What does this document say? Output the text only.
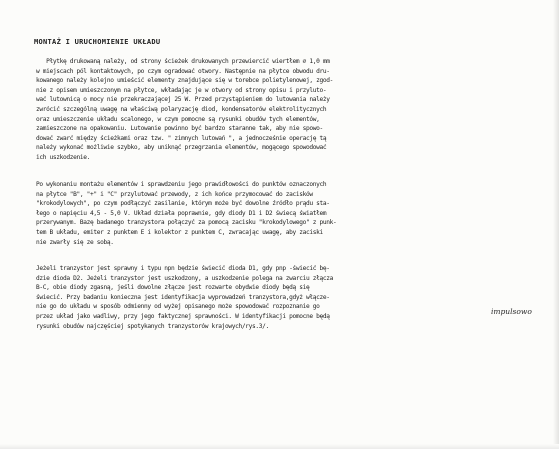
MONTAŻ I URUCHOMIENIE UKŁADU
Płytkę drukowaną należy, od strony ścieżek drukowanych przewiercić wiertłem ∅ 1,0 mm
w miejscach pól kontaktowych, po czym ogradować otwory. Następnie na płytce obwodu dru-
kowanego należy kolejno umieścić elementy znajdujące się w torebce polietylenowej, zgod-
nie z opisem umieszczonym na płytce, wkładając je w otwory od strony opisu i przyluto-
wać lutownicą o mocy nie przekraczającej 25 W. Przed przystąpieniem do lutowania należy
zwrócić szczególną uwagę na właściwą polaryzację diod, kondensatorów elektrolitycznych
oraz umieszczenie układu scalonego, w czym pomocne są rysunki obudów tych elementów,
zamieszczone na opakowaniu. Lutowanie powinno być bardzo staranne tak, aby nie spowo-
dować zwarć między ścieżkami oraz tzw. " zimnych lutowań ", a jednocześnie operację tą
należy wykonać możliwie szybko, aby uniknąć przegrzania elementów, mogącego spowodować
ich uszkodzenie.
Po wykonaniu montażu elementów i sprawdzeniu jego prawidłowości do punktów oznaczonych
na płytce "B", "+" i "C" przylutować przewody, z ich końce przymocować do zacisków
"krokodylowych", po czym podłączyć zasilanie, którym może być dowolne źródło prądu sta-
łego o napięciu 4,5 - 5,0 V. Układ działa poprawnie, gdy diody D1 i D2 świecą światłem
przerywanym. Bazę badanego tranzystora połączyć za pomocą zacisku "krokodylowego" z punk-
tem B układu, emiter z punktem E i kolektor z punktem C, zwracając uwagę, aby zaciski
nie zwarły się ze sobą.
Jeżeli tranzystor jest sprawny i typu npn będzie świecić dioda D1, gdy pnp -świecić bę-
dzie dioda D2. Jeżeli tranzystor jest uszkodzony, a uszkodzenie polega na zwarciu złącza
B-C, obie diody zgasną, jeśli dowolne złącze jest rozwarte obydwie diody będą się
świecić. Przy badaniu konieczna jest identyfikacja wyprowadzeń tranzystora,gdyż włącze-
nie go do układu w sposób odmienny od wyżej opisanego może spowodować rozpoznanie go
przez układ jako wadliwy, przy jego faktycznej sprawności. W identyfikacji pomocne będą
rysunki obudów najczęściej spotykanych tranzystorów krajowych/rys.3/.

impulsowo
